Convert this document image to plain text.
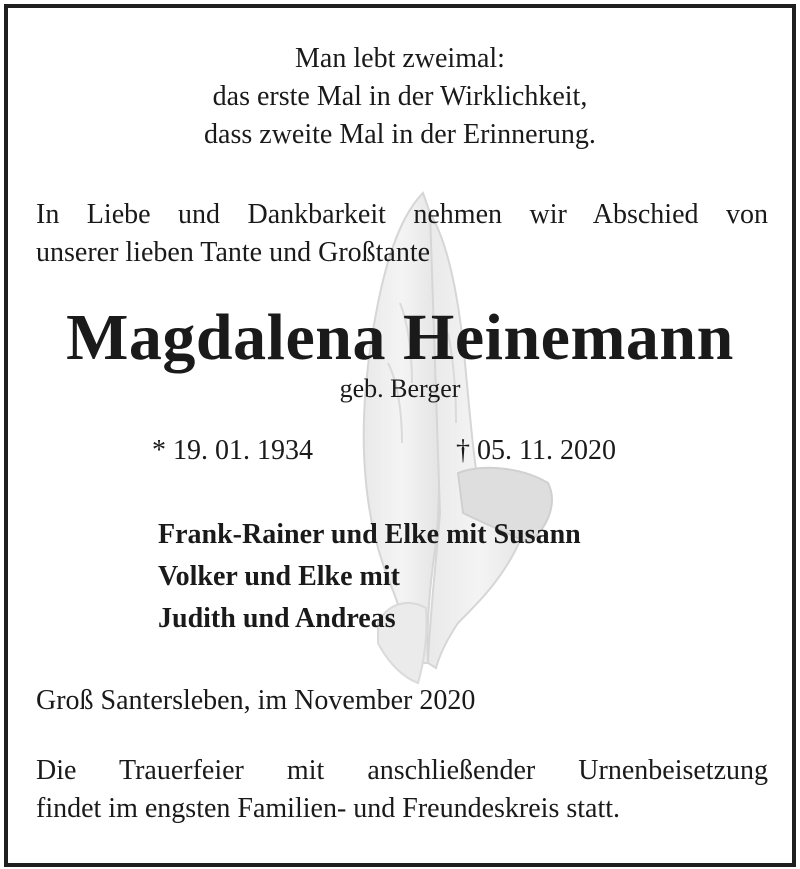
Man lebt zweimal:
das erste Mal in der Wirklichkeit,
dass zweite Mal in der Erinnerung.
In Liebe und Dankbarkeit nehmen wir Abschied von
unserer lieben Tante und Großtante
Magdalena Heinemann
geb. Berger
* 19. 01. 1934	† 05. 11. 2020
Frank-Rainer und Elke mit Susann
Volker und Elke mit
Judith und Andreas
Groß Santersleben, im November 2020
Die Trauerfeier mit anschließender Urnenbeisetzung
findet im engsten Familien- und Freundeskreis statt.
